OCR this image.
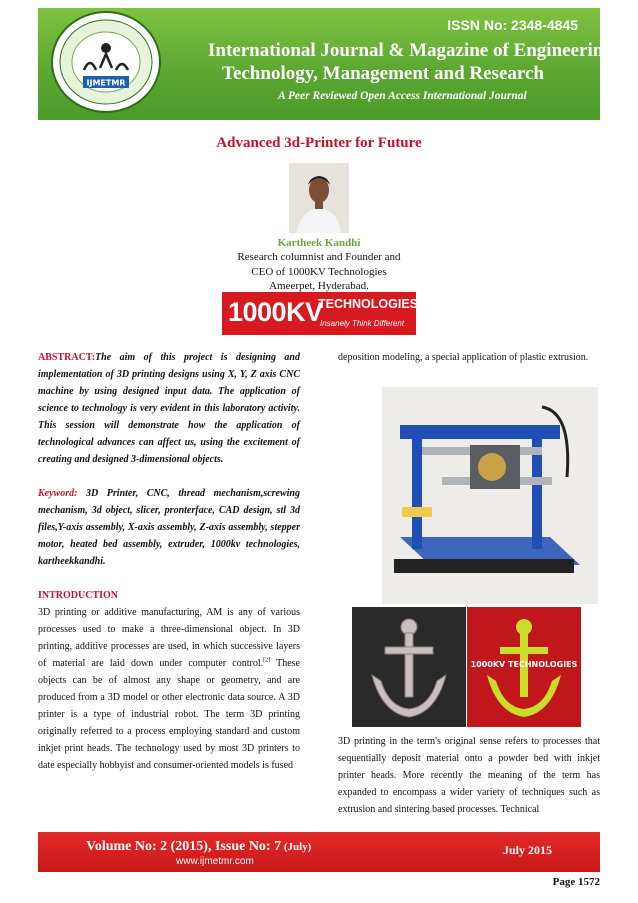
ISSN No: 2348-4845
International Journal & Magazine of Engineering,
Technology, Management and Research
A Peer Reviewed Open Access International Journal
IJMETMR
Advanced 3d-Printer for Future
Kartheek Kandhi
Research columnist and Founder and
CEO of 1000KV Technologies
Ameerpet, Hyderabad.
1000KV
TECHNOLOGIES
Insanely Think Different

ABSTRACT:The aim of this project is designing and implementation of 3D printing designs using X, Y, Z axis CNC machine by using designed input data. The application of science to technology is very evident in this laboratory activity. This session will demonstrate how the application of technological advances can affect us, using the excitement of creating and designed 3-dimensional objects.

Keyword: 3D Printer, CNC, thread mechanism,screwing mechanism, 3d object, slicer, pronterface, CAD design, stl 3d files,Y-axis assembly, X-axis assembly, Z-axis assembly, stepper motor, heated bed assembly, extruder, 1000kv technologies, kartheekkandhi.

INTRODUCTION

3D printing or additive manufacturing, AM is any of various processes used to make a three-dimensional object. In 3D printing, additive processes are used, in which successive layers of material are laid down under computer control.[2] These objects can be of almost any shape or geometry, and are produced from a 3D model or other electronic data source. A 3D printer is a type of industrial robot. The term 3D printing originally referred to a process employing standard and custom inkjet print heads. The technology used by most 3D printers to date especially hobbyist and consumer-oriented models is fused

deposition modeling, a special application of plastic extrusion.

1000KV TECHNOLOGIES

3D printing in the term's original sense refers to processes that sequentially deposit material onto a powder bed with inkjet printer heads. More recently the meaning of the term has expanded to encompass a wider variety of techniques such as extrusion and sintering based processes. Technical

Volume No: 2 (2015), Issue No: 7 (July)
www.ijmetmr.com
July 2015
Page 1572
